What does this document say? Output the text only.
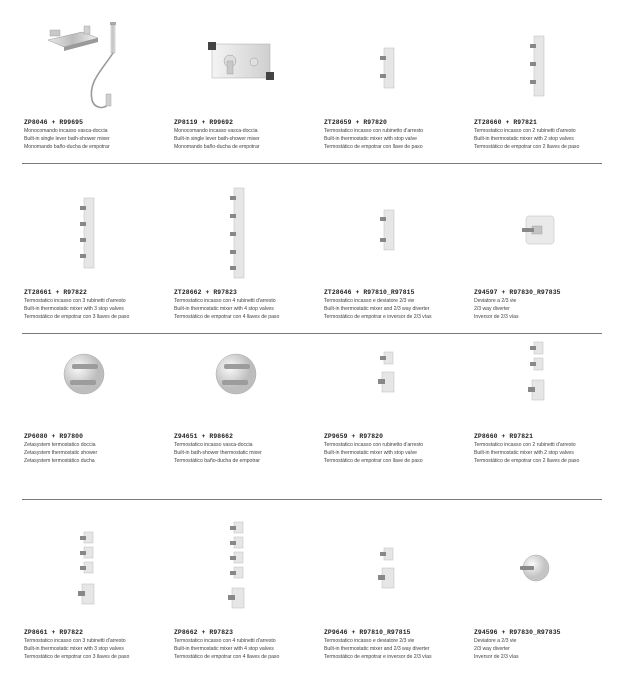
ZP8046 + R99695
Monocomando incasso vasca-doccia
Built-in single lever bath-shower mixer
Monomando baño-ducha de empotrar
ZP8119 + R99692
Monocomando incasso vasca-doccia
Built-in single lever bath-shower mixer
Monomando baño-ducha de empotrar
ZT28659 + R97820
Termostatico incasso con rubinetto d'arresto
Built-in thermostatic mixer with stop valve
Termostático de empotrar con llave de paso
ZT28660 + R97821
Termostatico incasso con 2 rubinetti d'arresto
Built-in thermostatic mixer with 2 stop valves
Termostático de empotrar con 2 llaves de paso
ZT28661 + R97822
Termostatico incasso con 3 rubinetti d'arresto
Built-in thermostatic mixer with 3 stop valves
Termostático de empotrar con 3 llaves de paso
ZT28662 + R97823
Termostatico incasso con 4 rubinetti d'arresto
Built-in thermostatic mixer with 4 stop valves
Termostático de empotrar con 4 llaves de paso
ZT28646 + R97810_R97815
Termostatico incasso e deviatore 2/3 vie
Built-in thermostatic mixer and 2/3 way diverter
Termostático de empotrar e inversor de 2/3 vías
Z94597 + R97830_R97835
Deviatore a 2/3 vie
2/3 way diverter
Inversor de 2/3 vías
ZP6080 + R97800
Zetasystem termostatico doccia
Zetasystem thermostatic shower
Zetasystem termostático ducha
Z94651 + R98662
Termostatico incasso vasca-doccia
Built-in bath-shower thermostatic mixer
Termostático baño-ducha de empotrar
ZP9659 + R97820
Termostatico incasso con rubinetto d'arresto
Built-in thermostatic mixer with stop valve
Termostático de empotrar con llave de paso
ZP8660 + R97821
Termostatico incasso con 2 rubinetti d'arresto
Built-in thermostatic mixer with 2 stop valves
Termostático de empotrar con 2 llaves de paso
ZP8661 + R97822
Termostatico incasso con 3 rubinetti d'arresto
Built-in thermostatic mixer with 3 stop valves
Termostático de empotrar con 3 llaves de paso
ZP8662 + R97823
Termostatico incasso con 4 rubinetti d'arresto
Built-in thermostatic mixer with 4 stop valves
Termostático de empotrar con 4 llaves de paso
ZP9646 + R97810_R97815
Termostatico incasso e deviatore 2/3 vie
Built-in thermostatic mixer and 2/3 way diverter
Termostático de empotrar e inversor de 2/3 vías
Z94596 + R97830_R97835
Deviatore a 2/3 vie
2/3 way diverter
Inversor de 2/3 vías
